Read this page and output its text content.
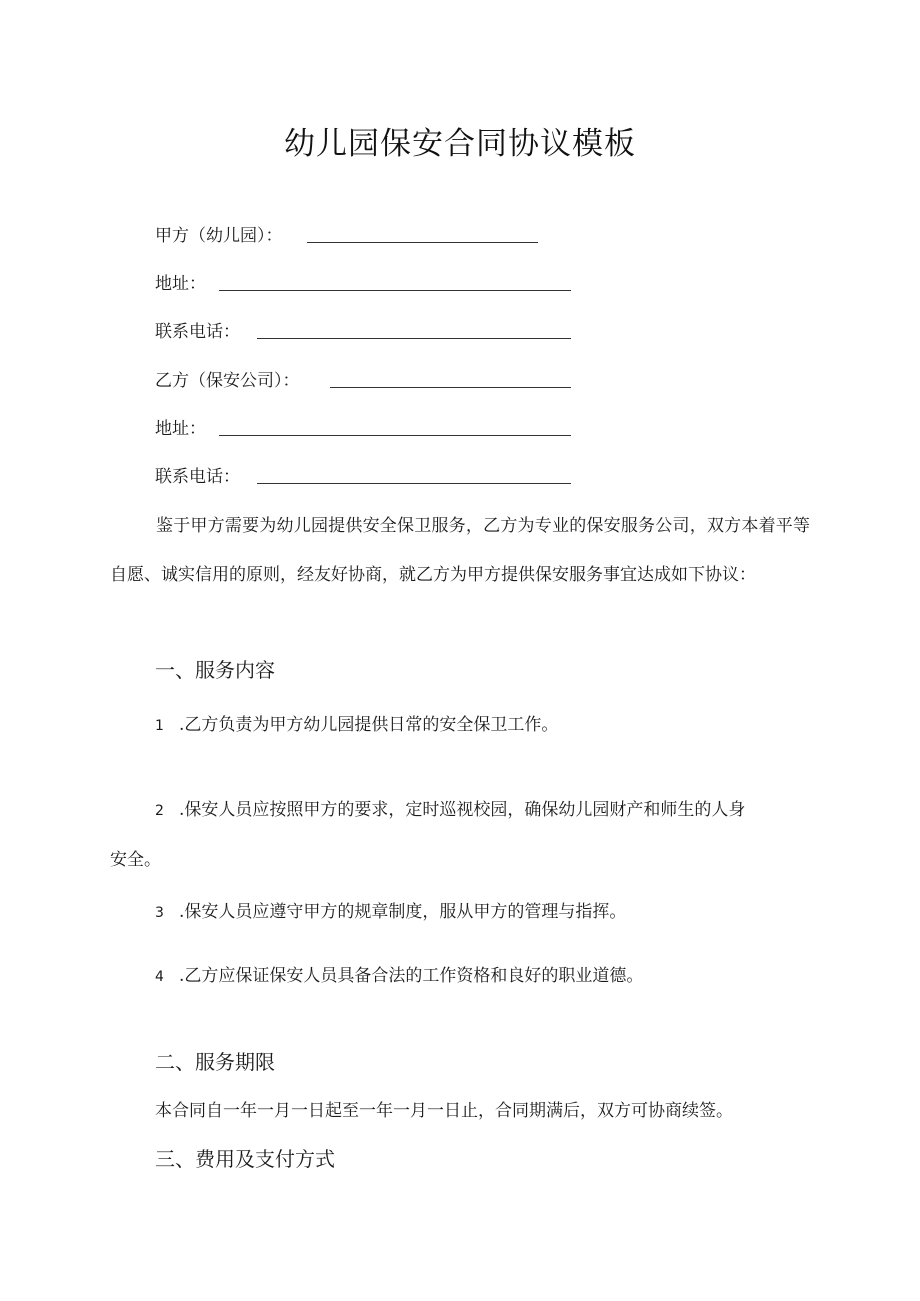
幼儿园保安合同协议模板
甲方（幼儿园）：
地址：
联系电话：
乙方（保安公司）：
地址：
联系电话：
鉴于甲方需要为幼儿园提供安全保卫服务，乙方为专业的保安服务公司，双方本着平等自愿、诚实信用的原则，经友好协商，就乙方为甲方提供保安服务事宜达成如下协议：
一、服务内容
1 .乙方负责为甲方幼儿园提供日常的安全保卫工作。
2 .保安人员应按照甲方的要求，定时巡视校园，确保幼儿园财产和师生的人身
安全。
3 .保安人员应遵守甲方的规章制度，服从甲方的管理与指挥。
4 .乙方应保证保安人员具备合法的工作资格和良好的职业道德。
二、服务期限
本合同自一年一月一日起至一年一月一日止，合同期满后，双方可协商续签。
三、费用及支付方式
